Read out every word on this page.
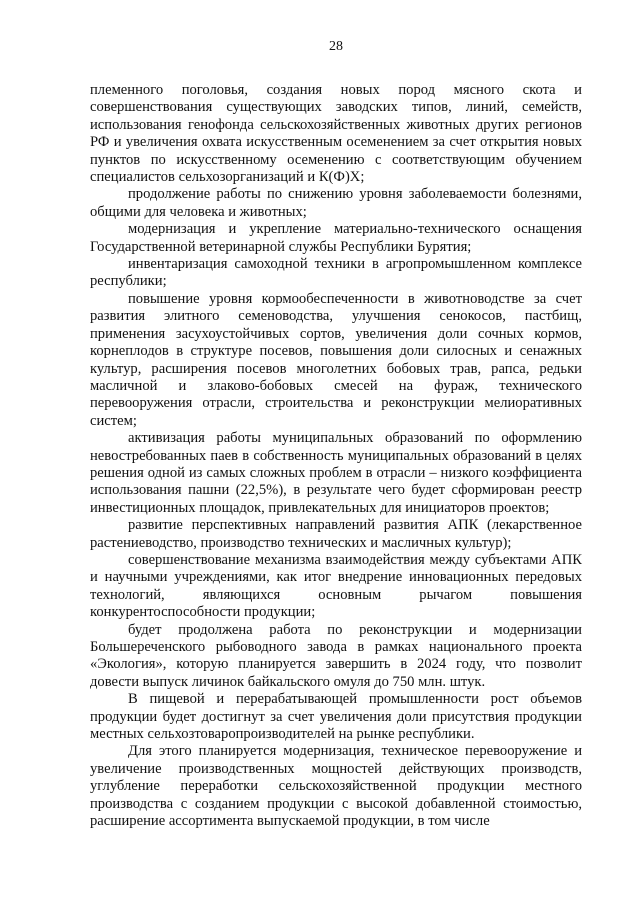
28

племенного поголовья, создания новых пород мясного скота и совершенствования существующих заводских типов, линий, семейств, использования генофонда сельскохозяйственных животных других регионов РФ и увеличения охвата искусственным осеменением за счет открытия новых пунктов по искусственному осеменению с соответствующим обучением специалистов сельхозорганизаций и К(Ф)Х;

продолжение работы по снижению уровня заболеваемости болезнями, общими для человека и животных;

модернизация и укрепление материально-технического оснащения Государственной ветеринарной службы Республики Бурятия;

инвентаризация самоходной техники в агропромышленном комплексе республики;

повышение уровня кормообеспеченности в животноводстве за счет развития элитного семеноводства, улучшения сенокосов, пастбищ, применения засухоустойчивых сортов, увеличения доли сочных кормов, корнеплодов в структуре посевов, повышения доли силосных и сенажных культур, расширения посевов многолетних бобовых трав, рапса, редьки масличной и злаково-бобовых смесей на фураж, технического перевооружения отрасли, строительства и реконструкции мелиоративных систем;

активизация работы муниципальных образований по оформлению невостребованных паев в собственность муниципальных образований в целях решения одной из самых сложных проблем в отрасли – низкого коэффициента использования пашни (22,5%), в результате чего будет сформирован реестр инвестиционных площадок, привлекательных для инициаторов проектов;

развитие перспективных направлений развития АПК (лекарственное растениеводство, производство технических и масличных культур);

совершенствование механизма взаимодействия между субъектами АПК и научными учреждениями, как итог внедрение инновационных передовых технологий, являющихся основным рычагом повышения конкурентоспособности продукции;

будет продолжена работа по реконструкции и модернизации Большереченского рыбоводного завода в рамках национального проекта «Экология», которую планируется завершить в 2024 году, что позволит довести выпуск личинок байкальского омуля до 750 млн. штук.

В пищевой и перерабатывающей промышленности рост объемов продукции будет достигнут за счет увеличения доли присутствия продукции местных сельхозтоваропроизводителей на рынке республики.

Для этого планируется модернизация, техническое перевооружение и увеличение производственных мощностей действующих производств, углубление переработки сельскохозяйственной продукции местного производства с созданием продукции с высокой добавленной стоимостью, расширение ассортимента выпускаемой продукции, в том числе
